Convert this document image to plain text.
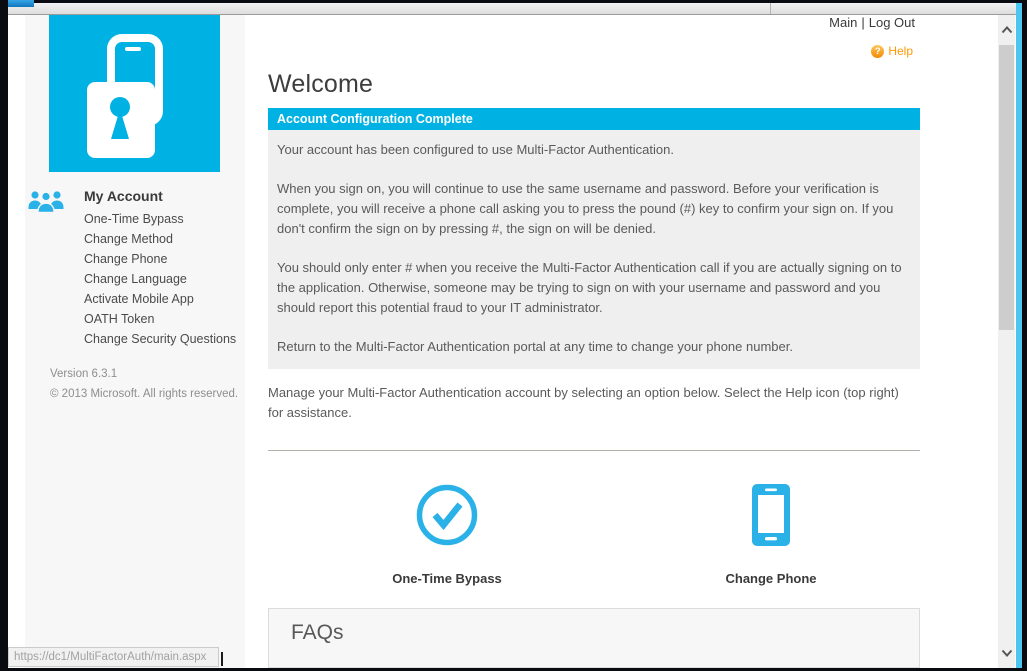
My Account
One-Time Bypass
Change Method
Change Phone
Change Language
Activate Mobile App
OATH Token
Change Security Questions
Version 6.3.1
© 2013 Microsoft. All rights reserved.
Main | Log Out
? Help
Welcome
Account Configuration Complete

Your account has been configured to use Multi-Factor Authentication.

When you sign on, you will continue to use the same username and password. Before your verification is complete, you will receive a phone call asking you to press the pound (#) key to confirm your sign on. If you don't confirm the sign on by pressing #, the sign on will be denied.

You should only enter # when you receive the Multi-Factor Authentication call if you are actually signing on to the application. Otherwise, someone may be trying to sign on with your username and password and you should report this potential fraud to your IT administrator.

Return to the Multi-Factor Authentication portal at any time to change your phone number.

Manage your Multi-Factor Authentication account by selecting an option below. Select the Help icon (top right) for assistance.
One-Time Bypass	Change Phone
FAQs
https://dc1/MultiFactorAuth/main.aspx
